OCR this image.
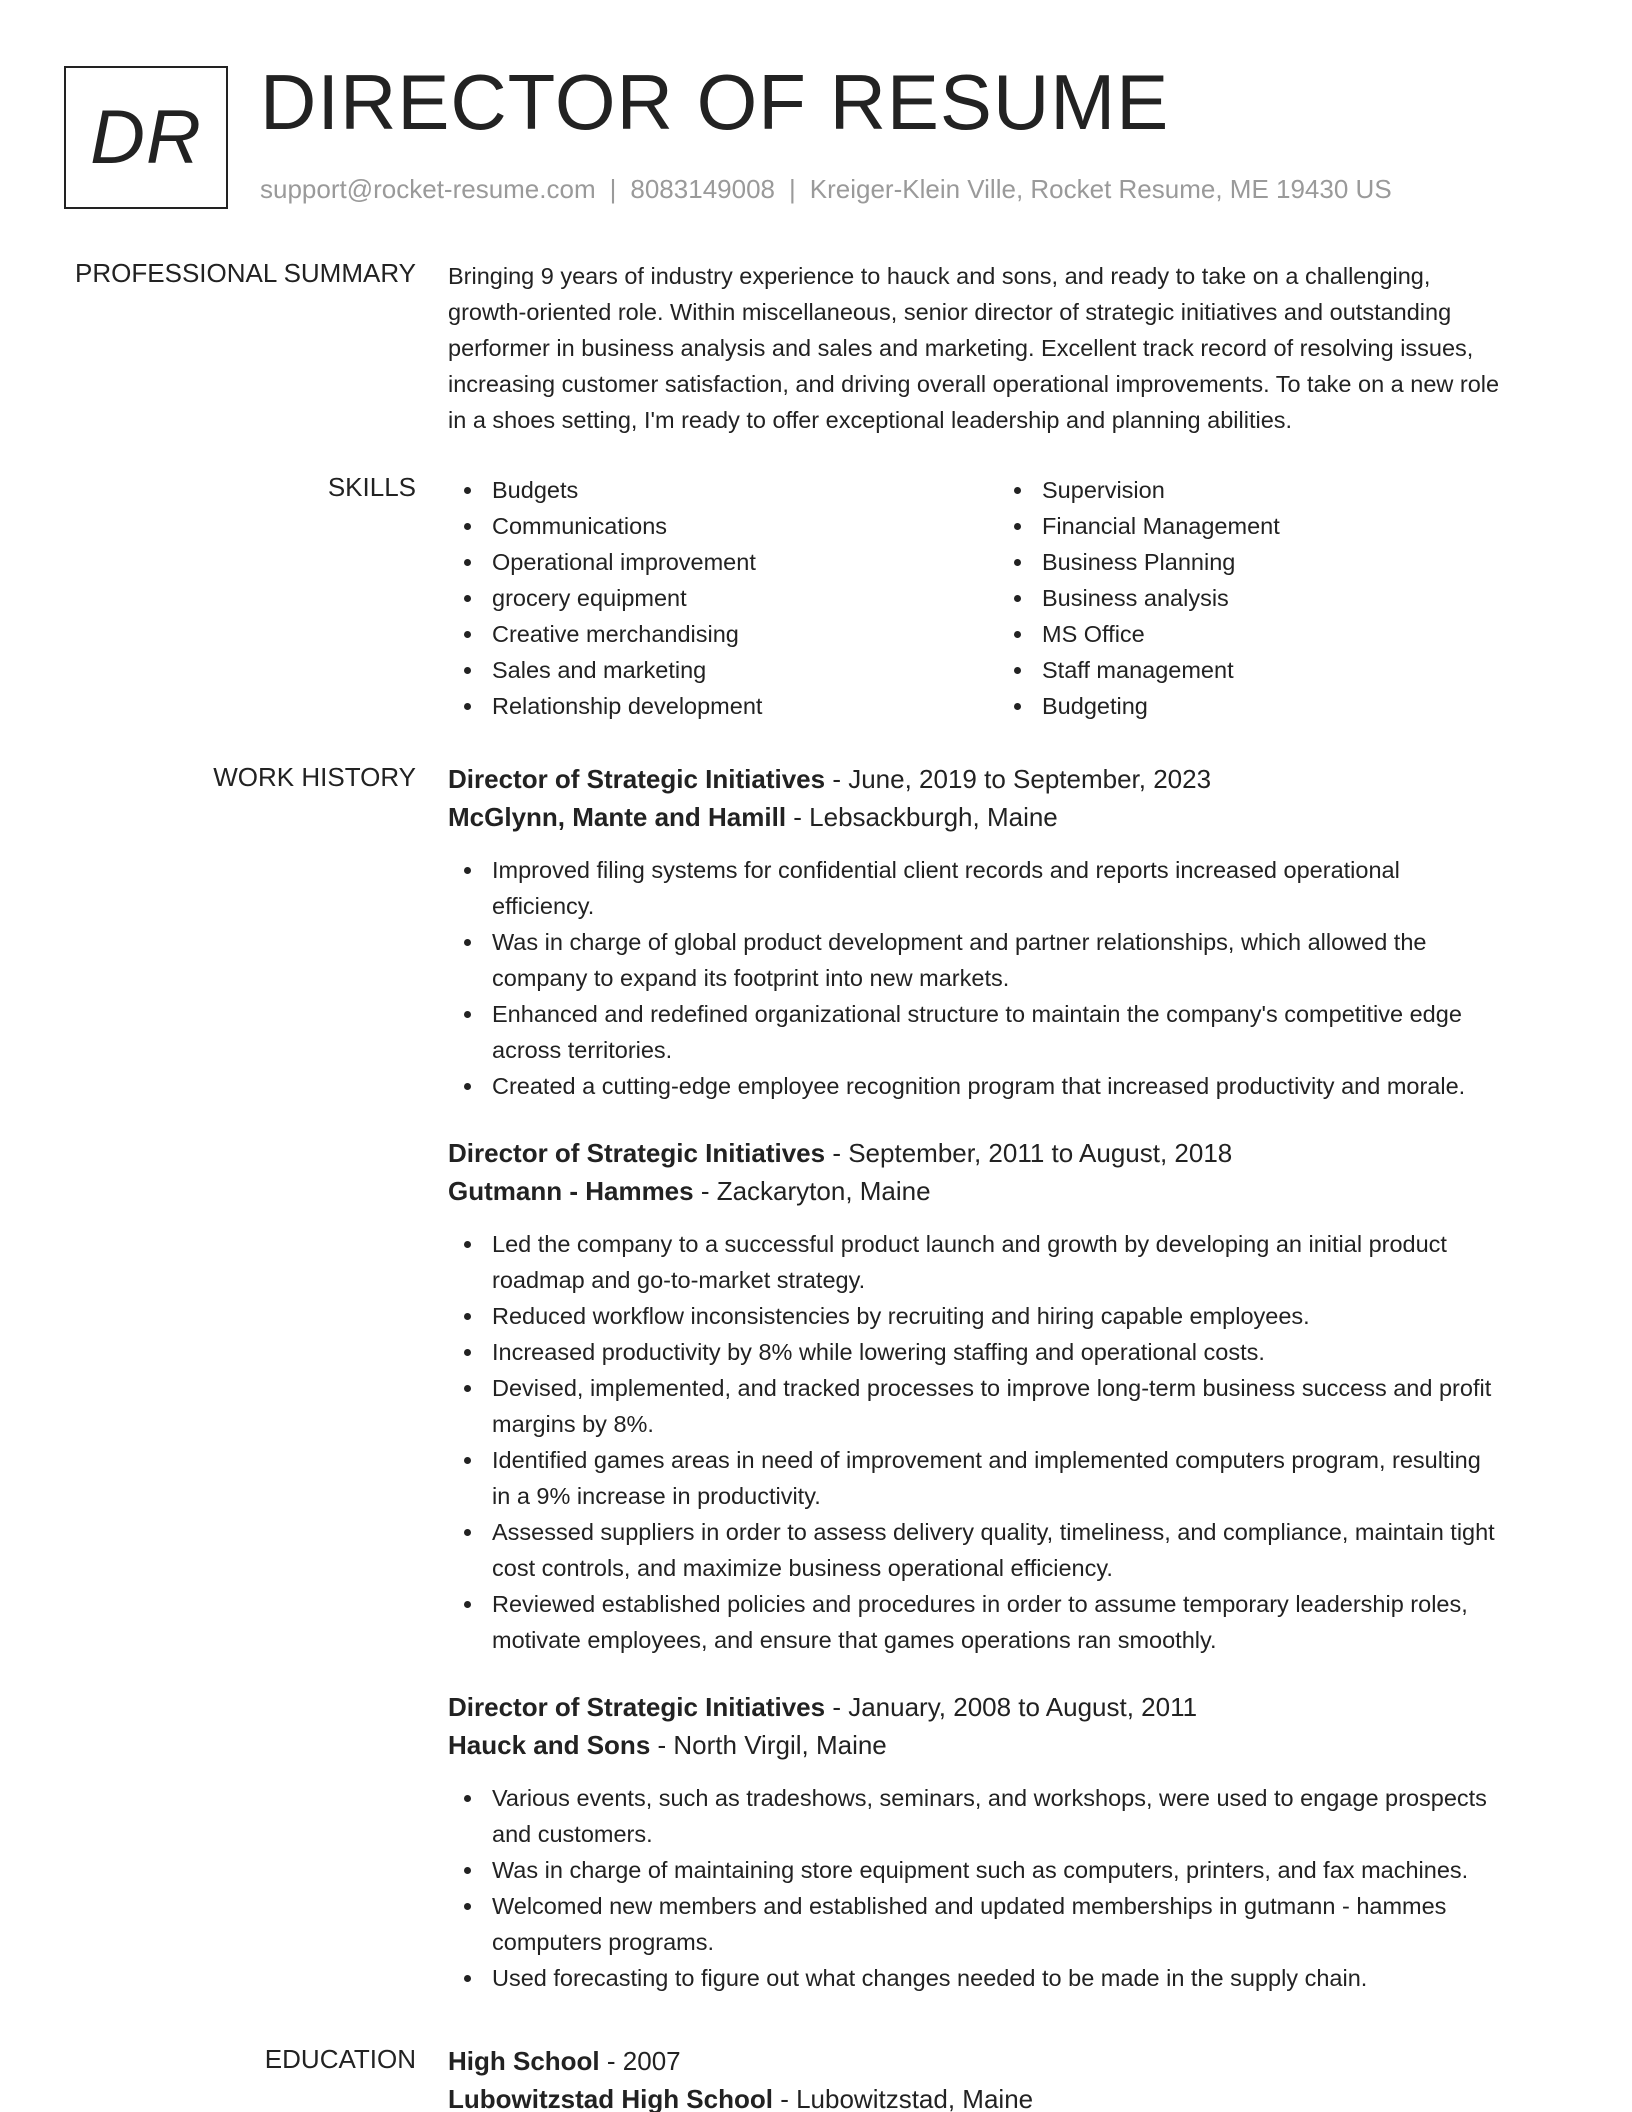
DR DIRECTOR OF RESUME
support@rocket-resume.com | 8083149008 | Kreiger-Klein Ville, Rocket Resume, ME 19430 US
PROFESSIONAL SUMMARY Bringing 9 years of industry experience to hauck and sons, and ready to take on a challenging,

growth-oriented role. Within miscellaneous, senior director of strategic initiatives and outstanding

performer in business analysis and sales and marketing. Excellent track record of resolving issues,

increasing customer satisfaction, and driving overall operational improvements. To take on a new role

in a shoes setting, I'm ready to offer exceptional leadership and planning abilities.

SKILLS	Budgets
Communications
Operational improvement
grocery equipment
Creative merchandising
Sales and marketing
Relationship development
Supervision
Financial Management
Business Planning
Business analysis
MS Office
Staff management
Budgeting
WORK HISTORY Director of Strategic Initiatives - June, 2019 to September, 2023
McGlynn, Mante and Hamill - Lebsackburgh, Maine
Improved filing systems for confidential client records and reports increased operational
efficiency.
Was in charge of global product development and partner relationships, which allowed the
company to expand its footprint into new markets.
Enhanced and redefined organizational structure to maintain the company's competitive edge
across territories.
Created a cutting-edge employee recognition program that increased productivity and morale.
Director of Strategic Initiatives - September, 2011 to August, 2018
Gutmann - Hammes - Zackaryton, Maine
Led the company to a successful product launch and growth by developing an initial product
roadmap and go-to-market strategy.
Reduced workflow inconsistencies by recruiting and hiring capable employees.
Increased productivity by 8% while lowering staffing and operational costs.
Devised, implemented, and tracked processes to improve long-term business success and profit
margins by 8%.
Identified games areas in need of improvement and implemented computers program, resulting
in a 9% increase in productivity.
Assessed suppliers in order to assess delivery quality, timeliness, and compliance, maintain tight
cost controls, and maximize business operational efficiency.
Reviewed established policies and procedures in order to assume temporary leadership roles,
motivate employees, and ensure that games operations ran smoothly.
Director of Strategic Initiatives - January, 2008 to August, 2011
Hauck and Sons - North Virgil, Maine
Various events, such as tradeshows, seminars, and workshops, were used to engage prospects
and customers.
Was in charge of maintaining store equipment such as computers, printers, and fax machines.
Welcomed new members and established and updated memberships in gutmann - hammes
computers programs.
Used forecasting to figure out what changes needed to be made in the supply chain.
EDUCATION High School - 2007
Lubowitzstad High School - Lubowitzstad, Maine
